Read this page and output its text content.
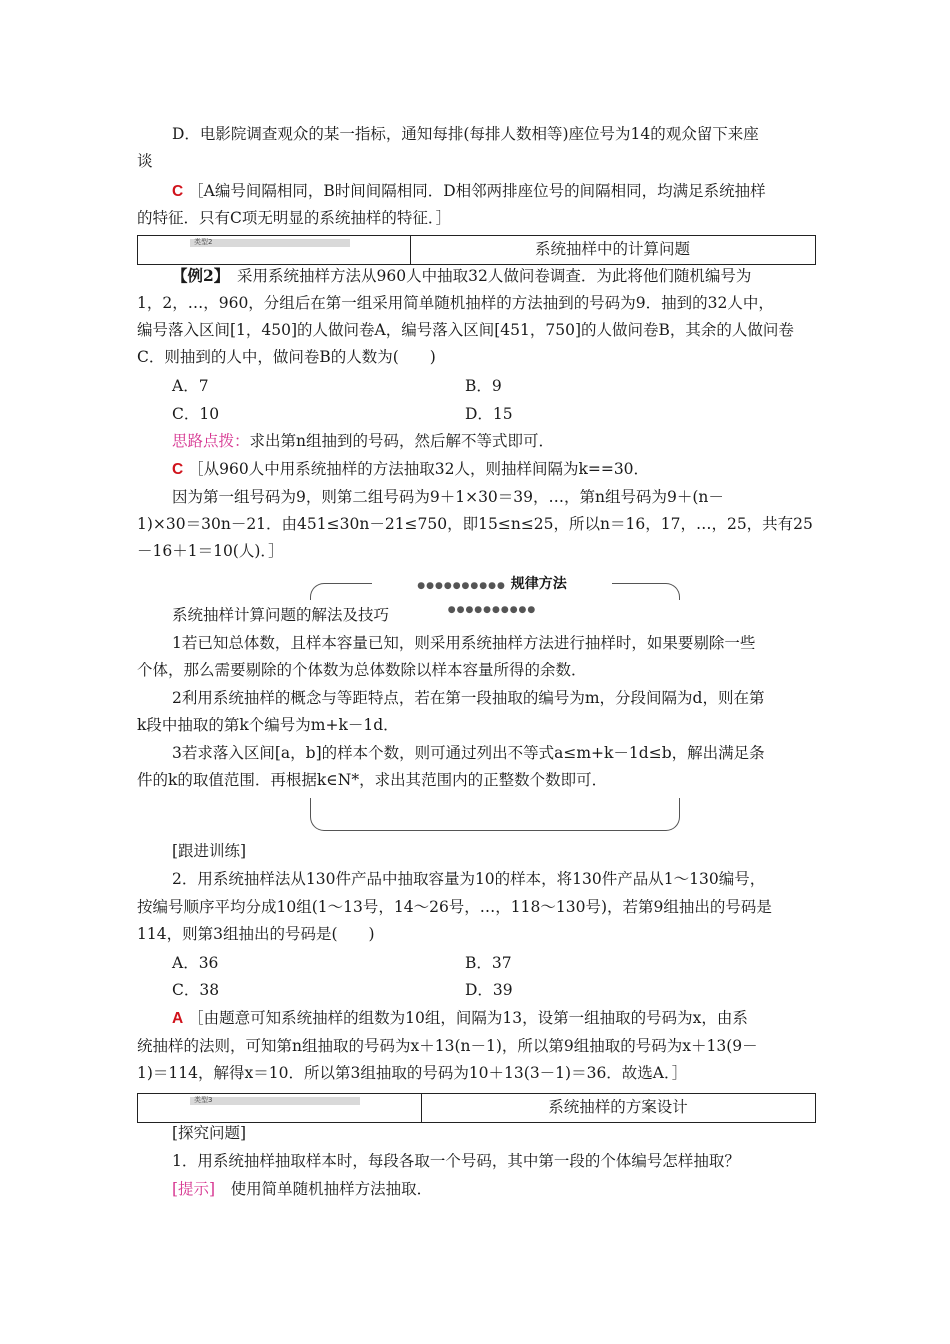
D．电影院调查观众的某一指标，通知每排(每排人数相等)座位号为14的观众留下来座
谈
C ［A编号间隔相同，B时间间隔相同．D相邻两排座位号的间隔相同，均满足系统抽样
的特征．只有C项无明显的系统抽样的特征．］
类型2	系统抽样中的计算问题
【例2】　采用系统抽样方法从960人中抽取32人做问卷调查．为此将他们随机编号为
1，2，…，960，分组后在第一组采用简单随机抽样的方法抽到的号码为9．抽到的32人中，
编号落入区间[1，450]的人做问卷A，编号落入区间[451，750]的人做问卷B，其余的人做问卷
C．则抽到的人中，做问卷B的人数为(　　)
A．7	B．9
C．10	D．15
思路点拨：求出第n组抽到的号码，然后解不等式即可．
C ［从960人中用系统抽样的方法抽取32人，则抽样间隔为k==30．
因为第一组号码为9，则第二组号码为9＋1×30＝39，…，第n组号码为9＋(n－
1)×30＝30n－21．由451≤30n－21≤750，即15≤n≤25，所以n＝16，17，…，25，共有25
－16＋1＝10(人)．］
●●●●●●●●●● 规律方法 ●●●●●●●●●●
系统抽样计算问题的解法及技巧
1若已知总体数，且样本容量已知，则采用系统抽样方法进行抽样时，如果要剔除一些
个体，那么需要剔除的个体数为总体数除以样本容量所得的余数．
2利用系统抽样的概念与等距特点，若在第一段抽取的编号为m，分段间隔为d，则在第
k段中抽取的第k个编号为m+k－1d．
3若求落入区间[a，b]的样本个数，则可通过列出不等式a≤m+k－1d≤b，解出满足条
件的k的取值范围．再根据k∈N*，求出其范围内的正整数个数即可．
[跟进训练]
2．用系统抽样法从130件产品中抽取容量为10的样本，将130件产品从1～130编号，
按编号顺序平均分成10组(1～13号，14～26号，…，118～130号)，若第9组抽出的号码是
114，则第3组抽出的号码是(　　)
A．36	B．37
C．38	D．39
A ［由题意可知系统抽样的组数为10组，间隔为13，设第一组抽取的号码为x，由系
统抽样的法则，可知第n组抽取的号码为x＋13(n－1)，所以第9组抽取的号码为x＋13(9－
1)＝114，解得x＝10．所以第3组抽取的号码为10＋13(3－1)＝36．故选A．］
类型3	系统抽样的方案设计
[探究问题]
1．用系统抽样抽取样本时，每段各取一个号码，其中第一段的个体编号怎样抽取？
[提示]　使用简单随机抽样方法抽取．
